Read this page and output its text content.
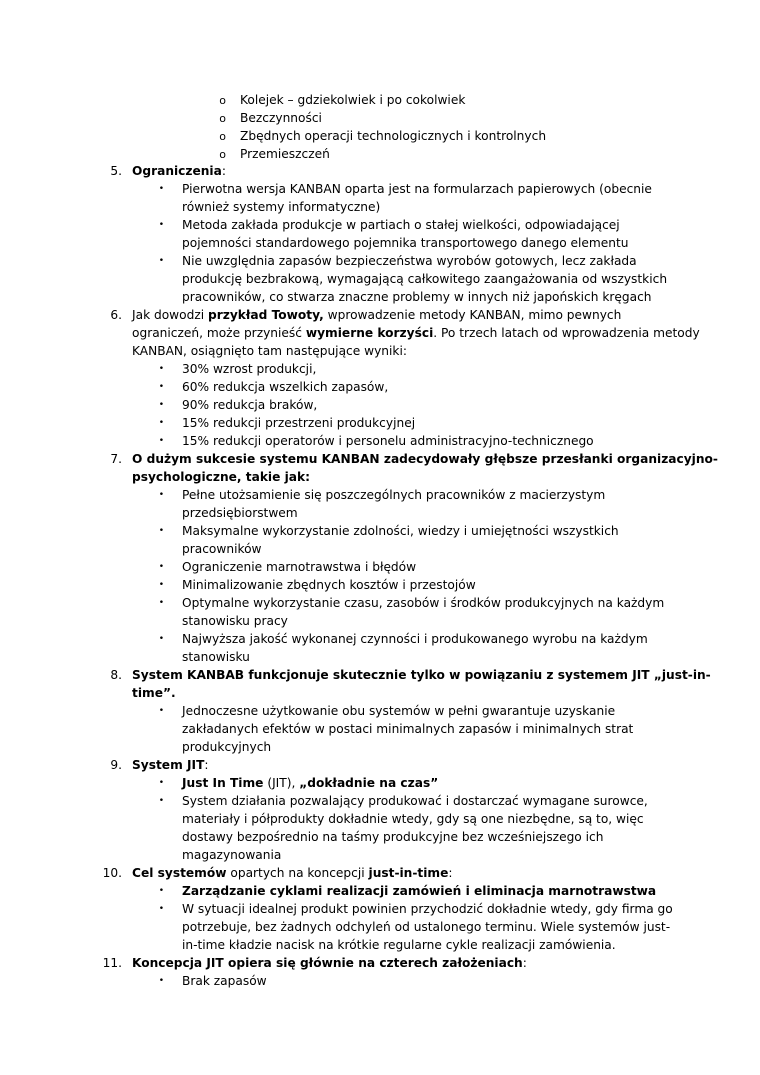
o Kolejek – gdziekolwiek i po cokolwiek
o Bezczynności
o Zbędnych operacji technologicznych i kontrolnych
o Przemieszczeń
5. Ograniczenia:
• Pierwotna wersja KANBAN oparta jest na formularzach papierowych (obecnie
również systemy informatyczne)
• Metoda zakłada produkcje w partiach o stałej wielkości, odpowiadającej
pojemności standardowego pojemnika transportowego danego elementu
• Nie uwzględnia zapasów bezpieczeństwa wyrobów gotowych, lecz zakłada
produkcję bezbrakową, wymagającą całkowitego zaangażowania od wszystkich
pracowników, co stwarza znaczne problemy w innych niż japońskich kręgach
6. Jak dowodzi przykład Towoty, wprowadzenie metody KANBAN, mimo pewnych
ograniczeń, może przynieść wymierne korzyści. Po trzech latach od wprowadzenia metody
KANBAN, osiągnięto tam następujące wyniki:
• 30% wzrost produkcji,
• 60% redukcja wszelkich zapasów,
• 90% redukcja braków,
• 15% redukcji przestrzeni produkcyjnej
• 15% redukcji operatorów i personelu administracyjno-technicznego
7. O dużym sukcesie systemu KANBAN zadecydowały głębsze przesłanki organizacyjno-
psychologiczne, takie jak:
• Pełne utożsamienie się poszczególnych pracowników z macierzystym
przedsiębiorstwem
• Maksymalne wykorzystanie zdolności, wiedzy i umiejętności wszystkich
pracowników
• Ograniczenie marnotrawstwa i błędów
• Minimalizowanie zbędnych kosztów i przestojów
• Optymalne wykorzystanie czasu, zasobów i środków produkcyjnych na każdym
stanowisku pracy
• Najwyższa jakość wykonanej czynności i produkowanego wyrobu na każdym
stanowisku
8. System KANBAB funkcjonuje skutecznie tylko w powiązaniu z systemem JIT „just-in-
time”.
• Jednoczesne użytkowanie obu systemów w pełni gwarantuje uzyskanie
zakładanych efektów w postaci minimalnych zapasów i minimalnych strat
produkcyjnych
9. System JIT:
• Just In Time (JIT), „dokładnie na czas”
• System działania pozwalający produkować i dostarczać wymagane surowce,
materiały i półprodukty dokładnie wtedy, gdy są one niezbędne, są to, więc
dostawy bezpośrednio na taśmy produkcyjne bez wcześniejszego ich
magazynowania
10. Cel systemów opartych na koncepcji just-in-time:
• Zarządzanie cyklami realizacji zamówień i eliminacja marnotrawstwa
• W sytuacji idealnej produkt powinien przychodzić dokładnie wtedy, gdy firma go
potrzebuje, bez żadnych odchyleń od ustalonego terminu. Wiele systemów just-
in-time kładzie nacisk na krótkie regularne cykle realizacji zamówienia.
11. Koncepcja JIT opiera się głównie na czterech założeniach:
• Brak zapasów
